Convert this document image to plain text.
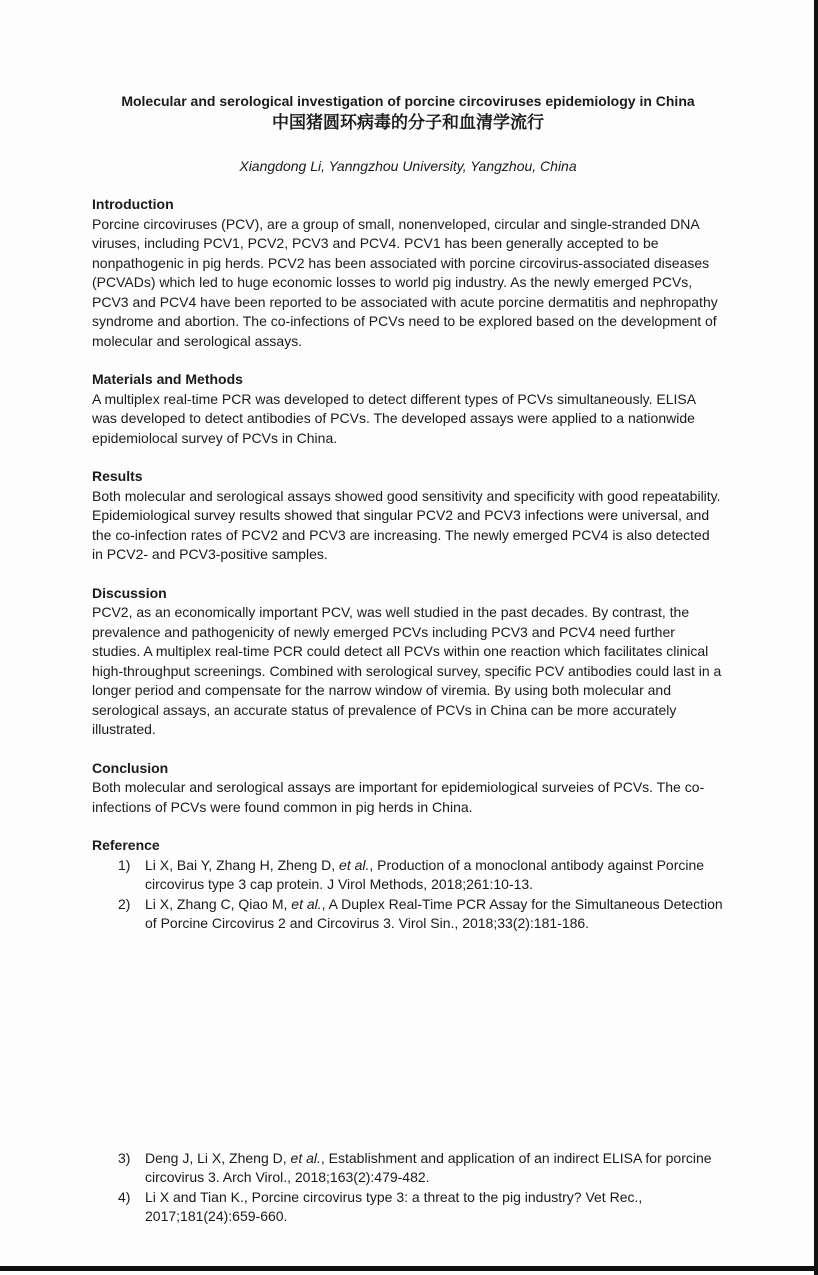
Molecular and serological investigation of porcine circoviruses epidemiology in China
中国猪圆环病毒的分子和血清学流行
Xiangdong Li, Yanngzhou University, Yangzhou, China
Introduction
Porcine circoviruses (PCV), are a group of small, nonenveloped, circular and single-stranded DNA viruses, including PCV1, PCV2, PCV3 and PCV4. PCV1 has been generally accepted to be nonpathogenic in pig herds. PCV2 has been associated with porcine circovirus-associated diseases (PCVADs) which led to huge economic losses to world pig industry. As the newly emerged PCVs, PCV3 and PCV4 have been reported to be associated with acute porcine dermatitis and nephropathy syndrome and abortion. The co-infections of PCVs need to be explored based on the development of molecular and serological assays.
Materials and Methods
A multiplex real-time PCR was developed to detect different types of PCVs simultaneously. ELISA was developed to detect antibodies of PCVs. The developed assays were applied to a nationwide epidemiolocal survey of PCVs in China.
Results
Both molecular and serological assays showed good sensitivity and specificity with good repeatability. Epidemiological survey results showed that singular PCV2 and PCV3 infections were universal, and the co-infection rates of PCV2 and PCV3 are increasing. The newly emerged PCV4 is also detected in PCV2- and PCV3-positive samples.
Discussion
PCV2, as an economically important PCV, was well studied in the past decades. By contrast, the prevalence and pathogenicity of newly emerged PCVs including PCV3 and PCV4 need further studies. A multiplex real-time PCR could detect all PCVs within one reaction which facilitates clinical high-throughput screenings. Combined with serological survey, specific PCV antibodies could last in a longer period and compensate for the narrow window of viremia. By using both molecular and serological assays, an accurate status of prevalence of PCVs in China can be more accurately illustrated.
Conclusion
Both molecular and serological assays are important for epidemiological surveies of PCVs. The co-infections of PCVs were found common in pig herds in China.
Reference
1)	Li X, Bai Y, Zhang H, Zheng D, et al., Production of a monoclonal antibody against Porcine circovirus type 3 cap protein. J Virol Methods, 2018;261:10-13.
2)	Li X, Zhang C, Qiao M, et al., A Duplex Real-Time PCR Assay for the Simultaneous Detection of Porcine Circovirus 2 and Circovirus 3. Virol Sin., 2018;33(2):181-186.
3)	Deng J, Li X, Zheng D, et al., Establishment and application of an indirect ELISA for porcine circovirus 3. Arch Virol., 2018;163(2):479-482.
4)	Li X and Tian K., Porcine circovirus type 3: a threat to the pig industry? Vet Rec., 2017;181(24):659-660.
